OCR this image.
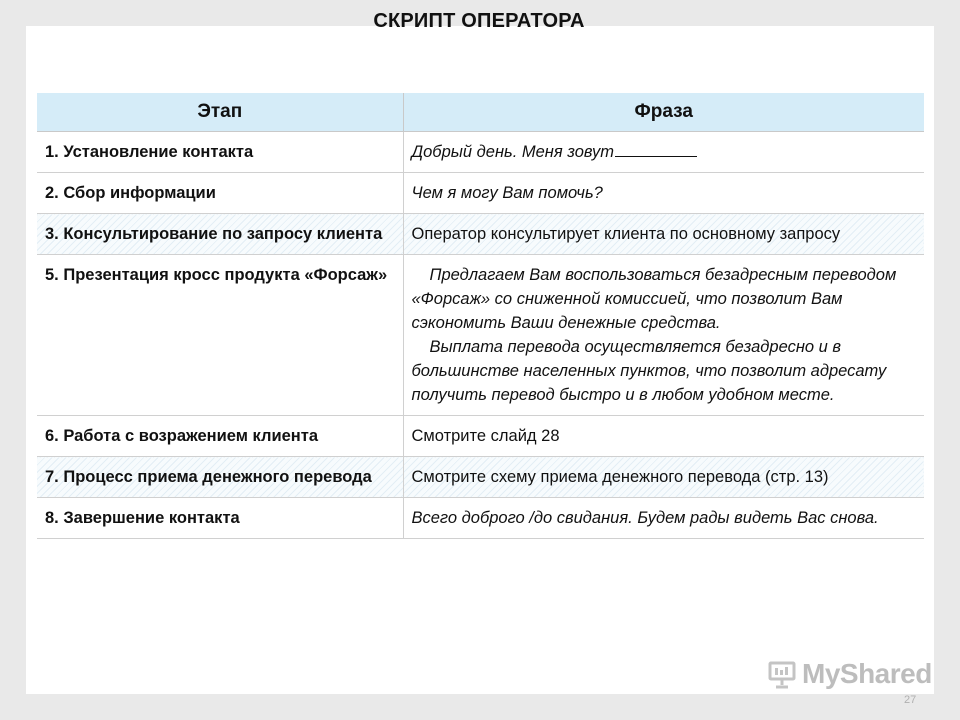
СКРИПТ ОПЕРАТОРА
Этап	Фраза
1. Установление контакта	Добрый день. Меня зовут
2. Сбор информации	Чем я могу Вам помочь?

3. Консультирование по запросу клиента	Оператор консультирует клиента по основному запросу

5. Презентация кросс продукта «Форсаж»	Предлагаем Вам воспользоваться безадресным переводом «Форсаж» со сниженной комиссией, что позволит Вам сэкономить Ваши денежные средства.
Выплата перевода осуществляется безадресно и в большинстве населенных пунктов, что позволит адресату получить перевод быстро и в любом удобном месте.

6. Работа с возражением клиента	Смотрите слайд 28

7. Процесс приема денежного перевода	Смотрите схему приема денежного перевода (стр. 13)

8. Завершение контакта	Всего доброго /до свидания. Будем рады видеть Вас снова.
MyShared
27
